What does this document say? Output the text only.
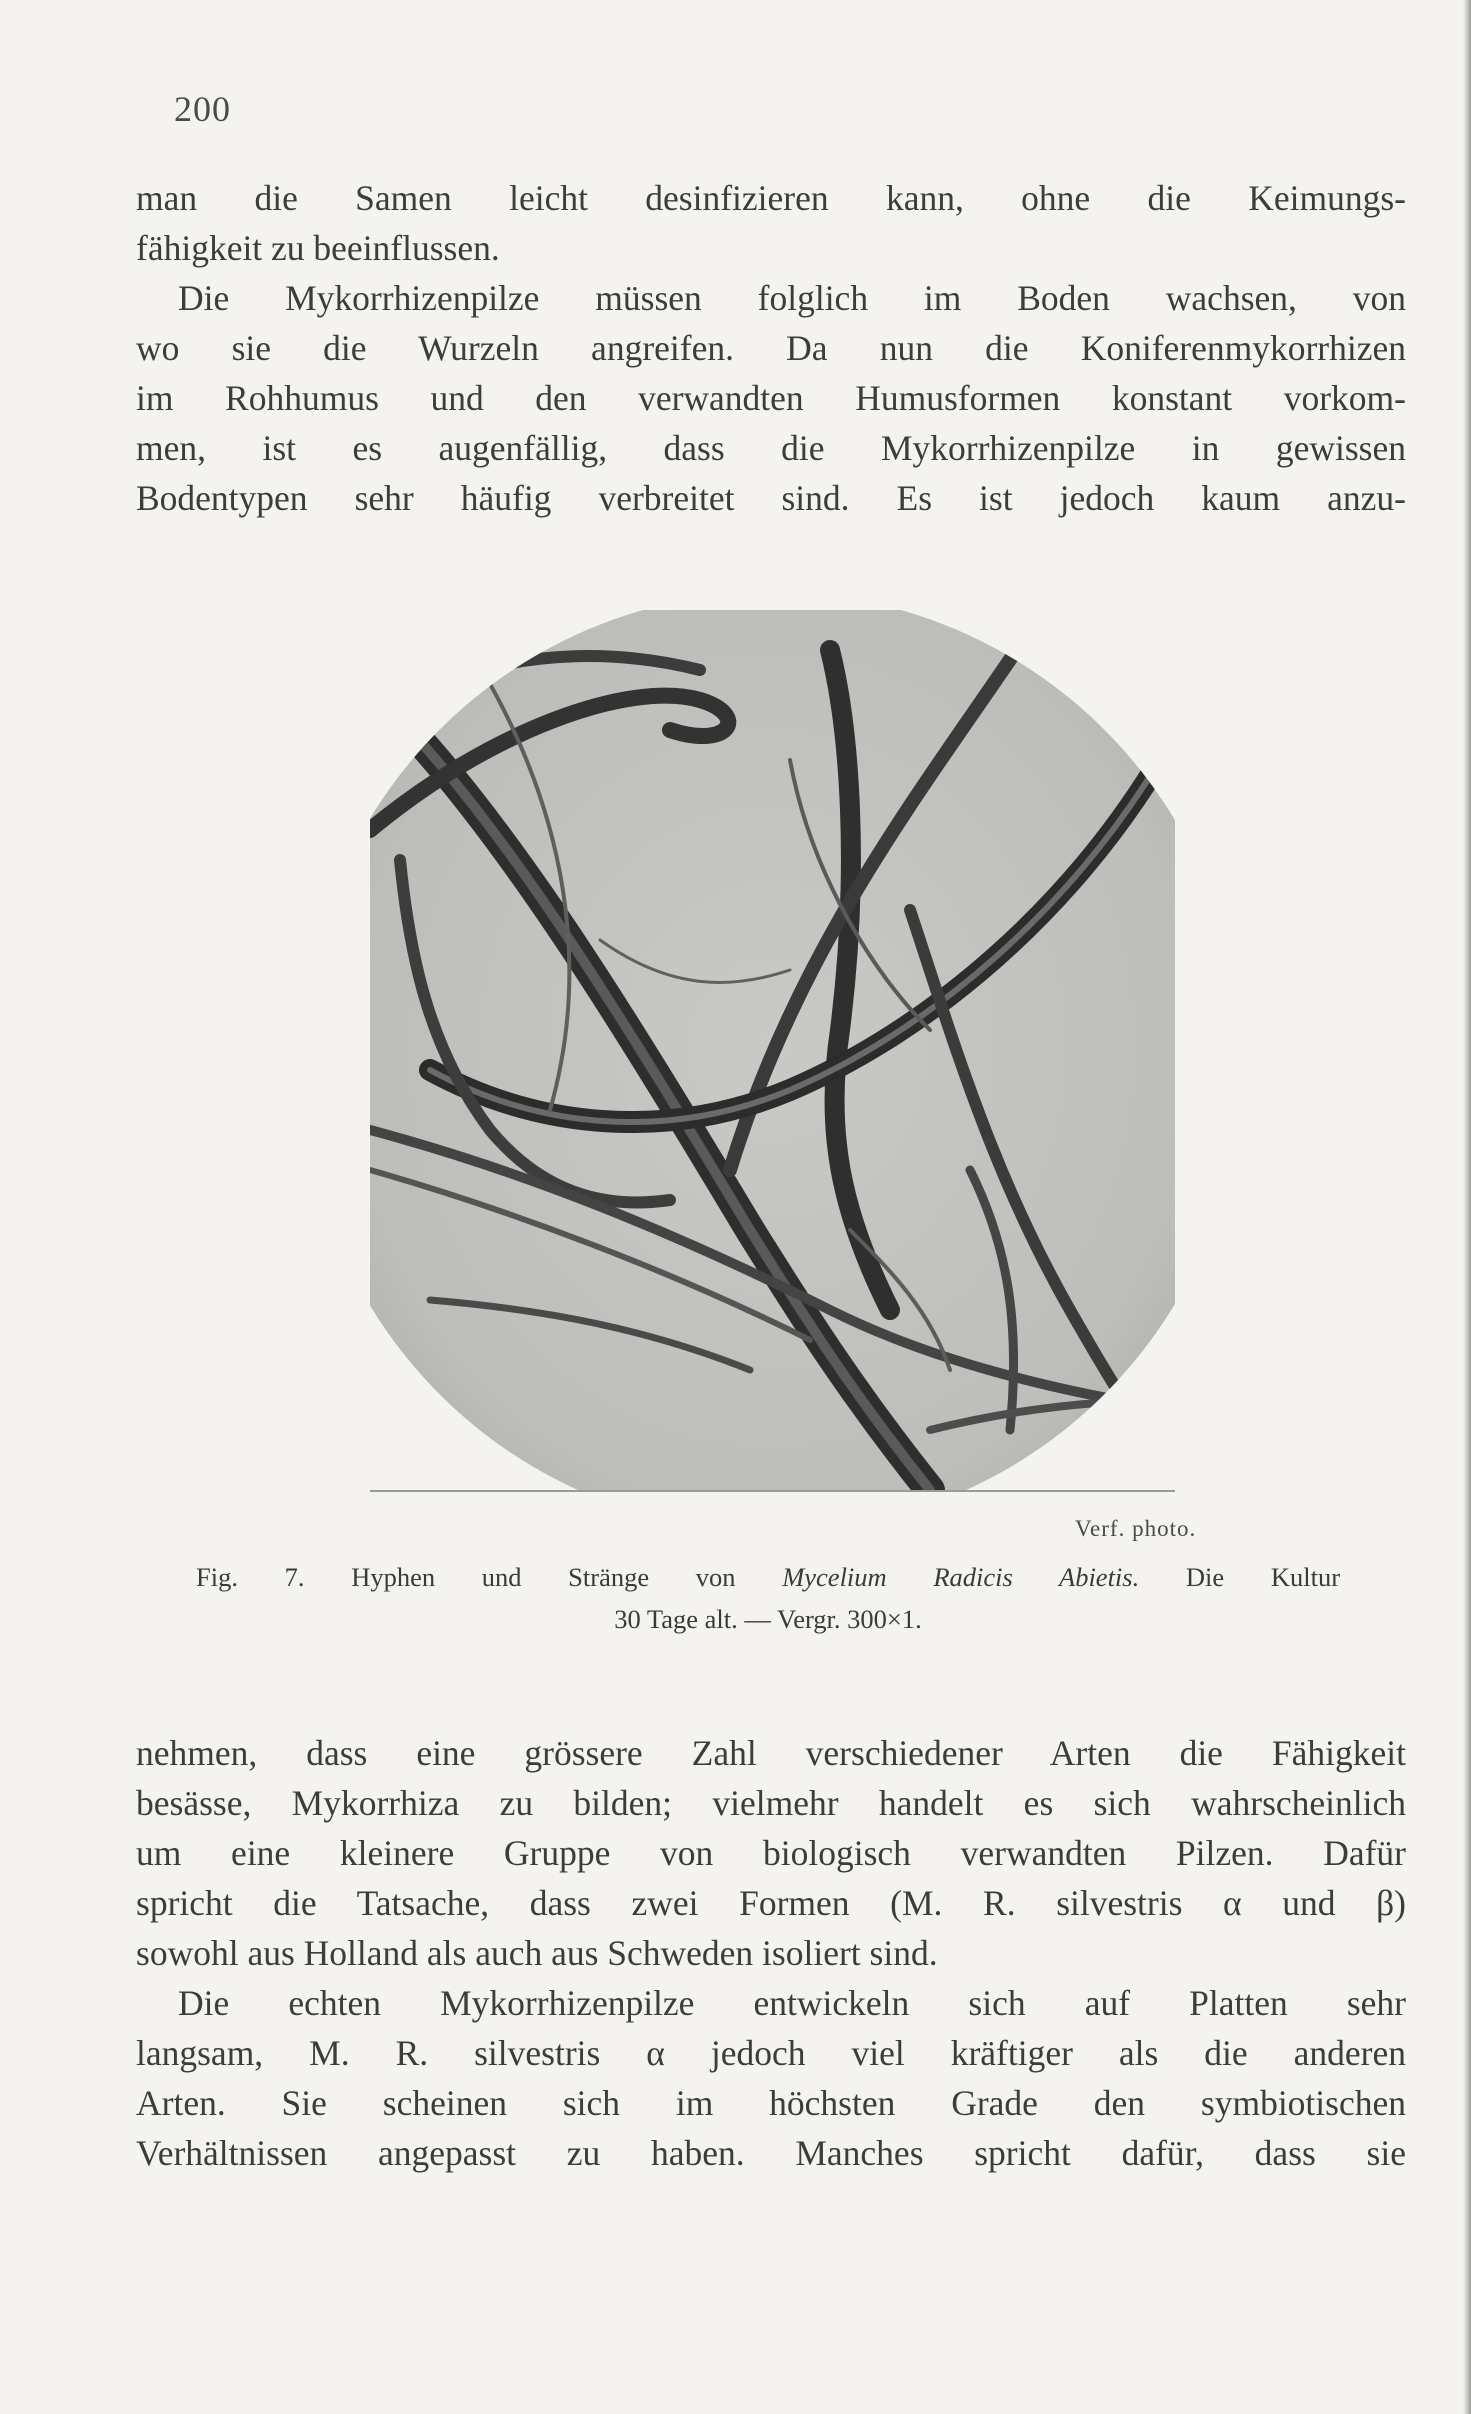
200
man die Samen leicht desinfizieren kann, ohne die Keimungs-
fähigkeit zu beeinflussen.
Die Mykorrhizenpilze müssen folglich im Boden wachsen, von
wo sie die Wurzeln angreifen. Da nun die Koniferenmykorrhizen
im Rohhumus und den verwandten Humusformen konstant vorkom-
men, ist es augenfällig, dass die Mykorrhizenpilze in gewissen
Bodentypen sehr häufig verbreitet sind. Es ist jedoch kaum anzu-
Verf. photo.
Fig. 7. Hyphen und Stränge von Mycelium Radicis Abietis. Die Kultur
30 Tage alt. — Vergr. 300×1.
nehmen, dass eine grössere Zahl verschiedener Arten die Fähigkeit
besässe, Mykorrhiza zu bilden; vielmehr handelt es sich wahrscheinlich
um eine kleinere Gruppe von biologisch verwandten Pilzen. Dafür
spricht die Tatsache, dass zwei Formen (M. R. silvestris α und β)
sowohl aus Holland als auch aus Schweden isoliert sind.
Die echten Mykorrhizenpilze entwickeln sich auf Platten sehr
langsam, M. R. silvestris α jedoch viel kräftiger als die anderen
Arten. Sie scheinen sich im höchsten Grade den symbiotischen
Verhältnissen angepasst zu haben. Manches spricht dafür, dass sie
